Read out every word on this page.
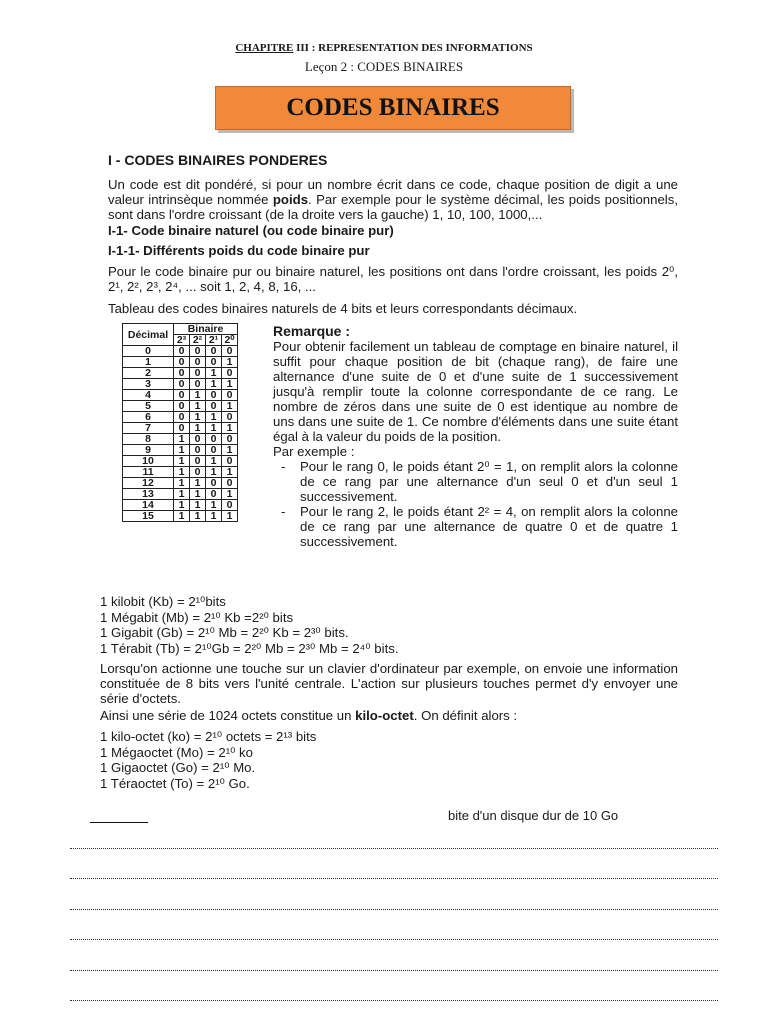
CHAPITRE III : REPRESENTATION DES INFORMATIONS
Leçon 2 : CODES BINAIRES
CODES BINAIRES
I - CODES BINAIRES PONDERES

Un code est dit pondéré, si pour un nombre écrit dans ce code, chaque position de digit a une valeur intrinsèque nommée poids. Par exemple pour le système décimal, les poids positionnels, sont dans l'ordre croissant (de la droite vers la gauche) 1, 10, 100, 1000,...

I-1- Code binaire naturel (ou code binaire pur)
I-1-1- Différents poids du code binaire pur

Pour le code binaire pur ou binaire naturel, les positions ont dans l'ordre croissant, les poids 2⁰, 2¹, 2², 2³, 2⁴, ... soit 1, 2, 4, 8, 16, ...

Tableau des codes binaires naturels de 4 bits et leurs correspondants décimaux.
Décimal	Binaire			
	2³	2²	2¹	2⁰
0	0	0	0	0
1	0	0	0	1
2	0	0	1	0
3	0	0	1	1
4	0	1	0	0
5	0	1	0	1
6	0	1	1	0
7	0	1	1	1
8	1	0	0	0
9	1	0	0	1
10	1	0	1	0
11	1	0	1	1
12	1	1	0	0
13	1	1	0	1
14	1	1	1	0
15	1	1	1	1
Remarque :

Pour obtenir facilement un tableau de comptage en binaire naturel, il suffit pour chaque position de bit (chaque rang), de faire une alternance d'une suite de 0 et d'une suite de 1 successivement jusqu'à remplir toute la colonne correspondante de ce rang. Le nombre de zéros dans une suite de 0 est identique au nombre de uns dans une suite de 1. Ce nombre d'éléments dans une suite étant égal à la valeur du poids de la position.

Par exemple :
- Pour le rang 0, le poids étant 2⁰ = 1, on remplit alors la colonne de ce rang par une alternance d'un seul 0 et d'un seul 1 successivement.
- Pour le rang 2, le poids étant 2² = 4, on remplit alors la colonne de ce rang par une alternance de quatre 0 et de quatre 1 successivement.
1 kilobit (Kb) = 2¹⁰bits
1 Mégabit (Mb) = 2¹⁰ Kb =2²⁰ bits
1 Gigabit (Gb) = 2¹⁰ Mb = 2²⁰ Kb = 2³⁰ bits.
1 Térabit (Tb) = 2¹⁰Gb = 2²⁰ Mb = 2³⁰ Mb = 2⁴⁰ bits.

Lorsqu'on actionne une touche sur un clavier d'ordinateur par exemple, on envoie une information constituée de 8 bits vers l'unité centrale. L'action sur plusieurs touches permet d'y envoyer une série d'octets.

Ainsi une série de 1024 octets constitue un kilo-octet. On définit alors :
1 kilo-octet (ko) = 2¹⁰ octets = 2¹³ bits
1 Mégaoctet (Mo) = 2¹⁰ ko
1 Gigaoctet (Go) = 2¹⁰ Mo.
1 Téraoctet (To) = 2¹⁰ Go.
bite d'un disque dur de 10 Go
